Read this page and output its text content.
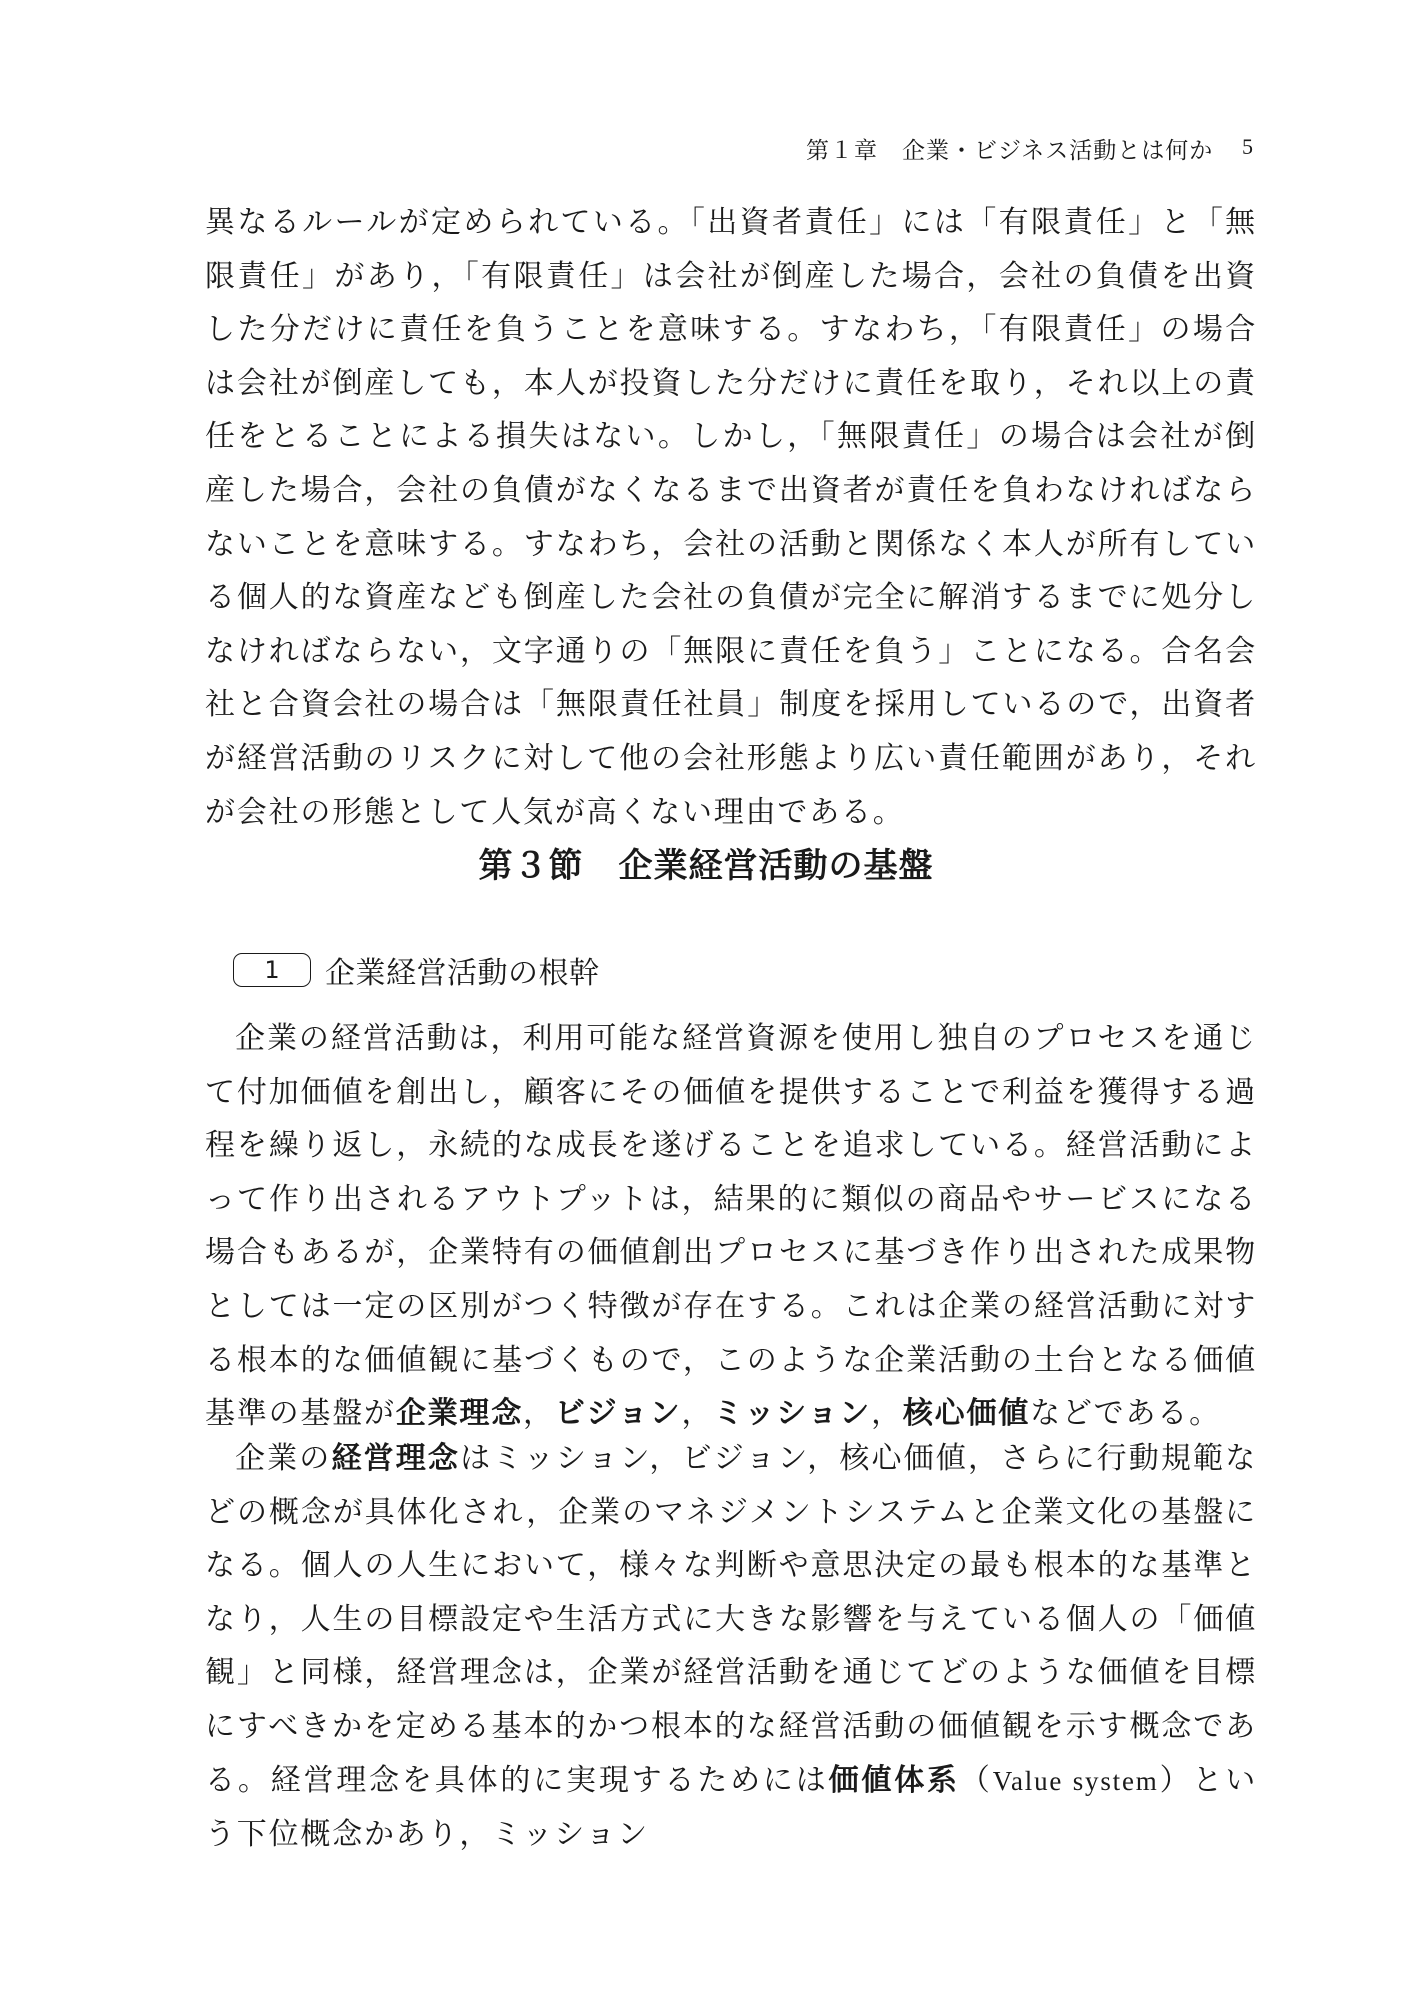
第１章　企業・ビジネス活動とは何か 5

異なるルールが定められている。「出資者責任」には「有限責任」と「無限責任」があり，「有限責任」は会社が倒産した場合，会社の負債を出資した分だけに責任を負うことを意味する。すなわち，「有限責任」の場合は会社が倒産しても，本人が投資した分だけに責任を取り，それ以上の責任をとることによる損失はない。しかし，「無限責任」の場合は会社が倒産した場合，会社の負債がなくなるまで出資者が責任を負わなければならないことを意味する。すなわち，会社の活動と関係なく本人が所有している個人的な資産なども倒産した会社の負債が完全に解消するまでに処分しなければならない，文字通りの「無限に責任を負う」ことになる。合名会社と合資会社の場合は「無限責任社員」制度を採用しているので，出資者が経営活動のリスクに対して他の会社形態より広い責任範囲があり，それが会社の形態として人気が高くない理由である。

第３節　企業経営活動の基盤
1	企業経営活動の根幹

企業の経営活動は，利用可能な経営資源を使用し独自のプロセスを通じて付加価値を創出し，顧客にその価値を提供することで利益を獲得する過程を繰り返し，永続的な成長を遂げることを追求している。経営活動によって作り出されるアウトプットは，結果的に類似の商品やサービスになる場合もあるが，企業特有の価値創出プロセスに基づき作り出された成果物としては一定の区別がつく特徴が存在する。これは企業の経営活動に対する根本的な価値観に基づくもので，このような企業活動の土台となる価値基準の基盤が企業理念，ビジョン，ミッション，核心価値などである。

企業の経営理念はミッション，ビジョン，核心価値，さらに行動規範などの概念が具体化され，企業のマネジメントシステムと企業文化の基盤になる。個人の人生において，様々な判断や意思決定の最も根本的な基準となり，人生の目標設定や生活方式に大きな影響を与えている個人の「価値観」と同様，経営理念は，企業が経営活動を通じてどのような価値を目標にすべきかを定める基本的かつ根本的な経営活動の価値観を示す概念である。経営理念を具体的に実現するためには価値体系（Value system）という下位概念かあり，ミッション
